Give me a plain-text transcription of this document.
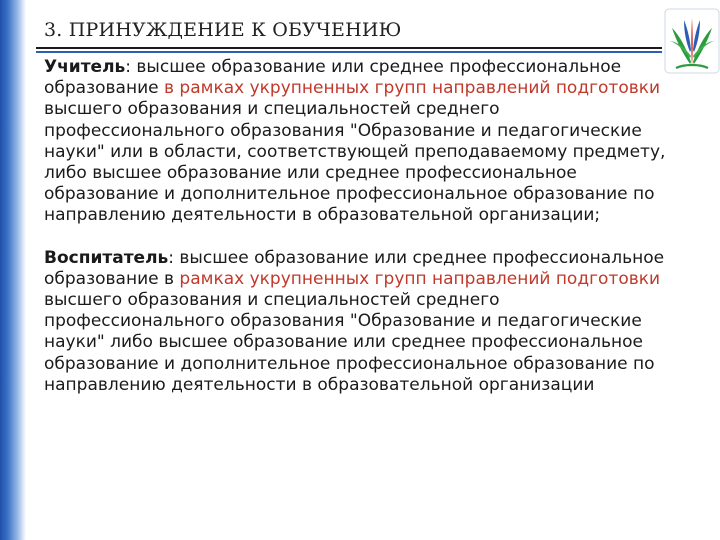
3. ПРИНУЖДЕНИЕ К ОБУЧЕНИЮ

Учитель: высшее образование или среднее профессиональное образование в рамках укрупненных групп направлений подготовки высшего образования и специальностей среднего профессионального образования "Образование и педагогические науки" или в области, соответствующей преподаваемому предмету, либо высшее образование или среднее профессиональное образование и дополнительное профессиональное образование по направлению деятельности в образовательной организации;

Воспитатель: высшее образование или среднее профессиональное образование в рамках укрупненных групп направлений подготовки высшего образования и специальностей среднего профессионального образования "Образование и педагогические науки" либо высшее образование или среднее профессиональное образование и дополнительное профессиональное образование по направлению деятельности в образовательной организации
